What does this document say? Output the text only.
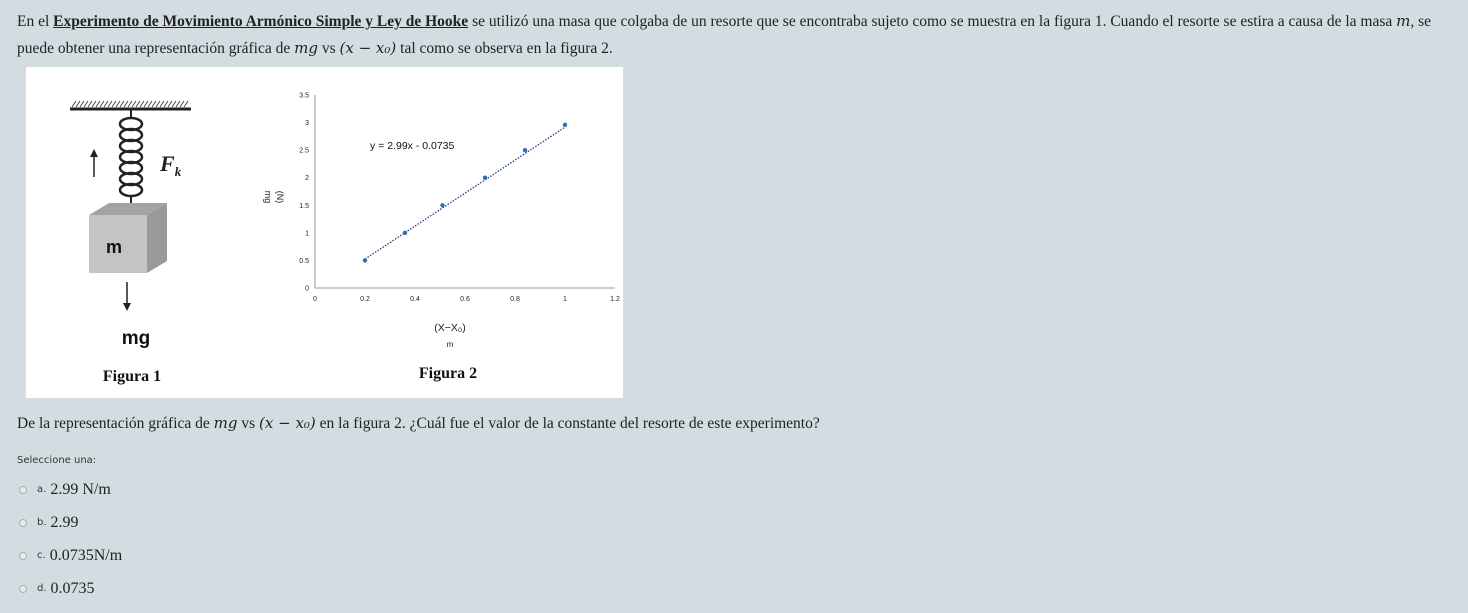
En el Experimento de Movimiento Armónico Simple y Ley de Hooke se utilizó una masa que colgaba de un resorte que se encontraba sujeto como se muestra en la figura 1. Cuando el resorte se estira a causa de la masa m, se puede obtener una representación gráfica de mg vs (x − x₀) tal como se observa en la figura 2.
$F_k$
m
mg
Figura 1
0
0.5
1
1.5
2
2.5
3
3.5
0	0.2	0.4	0.6	0.8	1	1.2
y = 2.99x - 0.0735
mg (N)
(X−X₀)
m
Figura 2
De la representación gráfica de mg vs (x − x₀) en la figura 2. ¿Cuál fue el valor de la constante del resorte de este experimento?
Seleccione una:
a. 2.99 N/m
b. 2.99
c. 0.0735N/m
d. 0.0735
